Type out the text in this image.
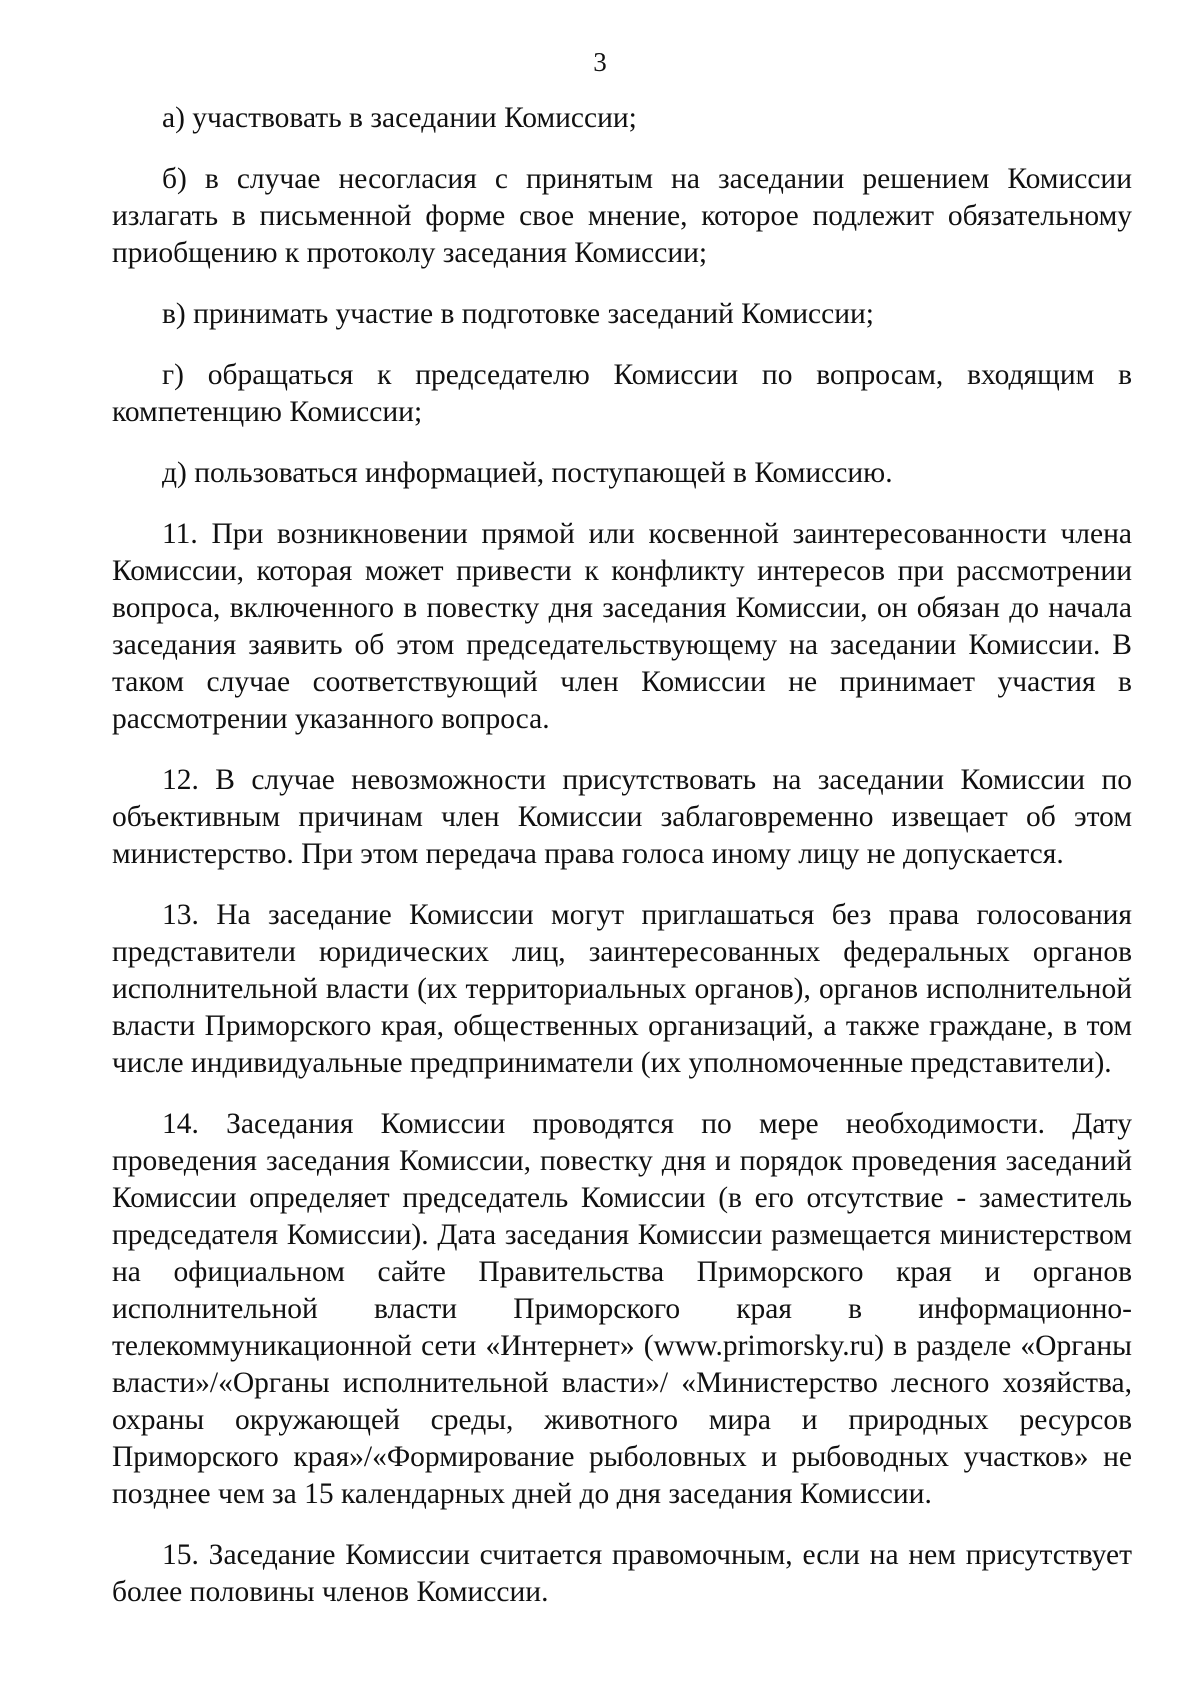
3

а) участвовать в заседании Комиссии;

б) в случае несогласия с принятым на заседании решением Комиссии излагать в письменной форме свое мнение, которое подлежит обязательному приобщению к протоколу заседания Комиссии;

в) принимать участие в подготовке заседаний Комиссии;

г) обращаться к председателю Комиссии по вопросам, входящим в компетенцию Комиссии;

д) пользоваться информацией, поступающей в Комиссию.

11. При возникновении прямой или косвенной заинтересованности члена Комиссии, которая может привести к конфликту интересов при рассмотрении вопроса, включенного в повестку дня заседания Комиссии, он обязан до начала заседания заявить об этом председательствующему на заседании Комиссии. В таком случае соответствующий член Комиссии не принимает участия в рассмотрении указанного вопроса.

12. В случае невозможности присутствовать на заседании Комиссии по объективным причинам член Комиссии заблаговременно извещает об этом министерство. При этом передача права голоса иному лицу не допускается.

13. На заседание Комиссии могут приглашаться без права голосования представители юридических лиц, заинтересованных федеральных органов исполнительной власти (их территориальных органов), органов исполнительной власти Приморского края, общественных организаций, а также граждане, в том числе индивидуальные предприниматели (их уполномоченные представители).

14. Заседания Комиссии проводятся по мере необходимости. Дату проведения заседания Комиссии, повестку дня и порядок проведения заседаний Комиссии определяет председатель Комиссии (в его отсутствие - заместитель председателя Комиссии). Дата заседания Комиссии размещается министерством на официальном сайте Правительства Приморского края и органов исполнительной власти Приморского края в информационно-телекоммуникационной сети «Интернет» (www.primorsky.ru) в разделе «Органы власти»/«Органы исполнительной власти»/ «Министерство лесного хозяйства, охраны окружающей среды, животного мира и природных ресурсов Приморского края»/«Формирование рыболовных и рыбоводных участков» не позднее чем за 15 календарных дней до дня заседания Комиссии.

15. Заседание Комиссии считается правомочным, если на нем присутствует более половины членов Комиссии.
